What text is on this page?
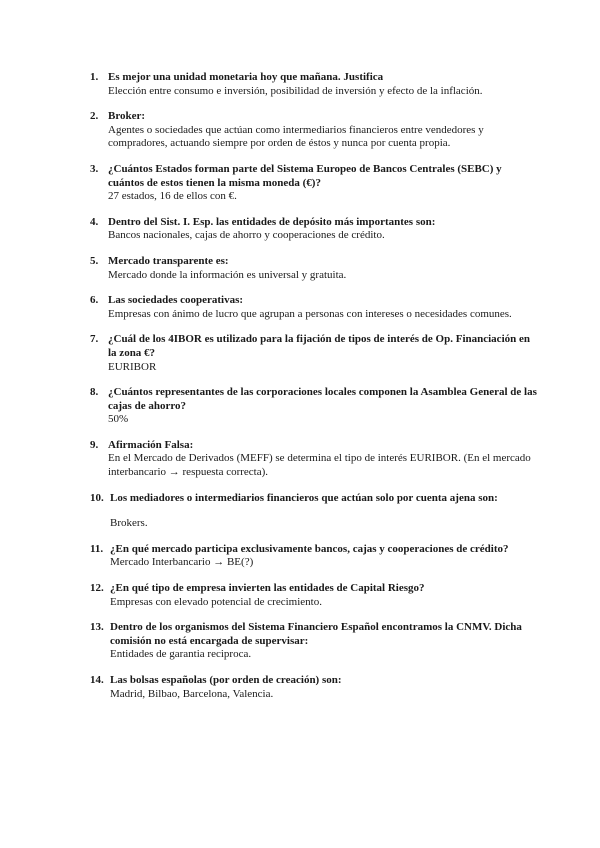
1. Es mejor una unidad monetaria hoy que mañana. Justifica
Elección entre consumo e inversión, posibilidad de inversión y efecto de la inflación.
2. Broker:
Agentes o sociedades que actúan como intermediarios financieros entre vendedores y compradores, actuando siempre por orden de éstos y nunca por cuenta propia.
3. ¿Cuántos Estados forman parte del Sistema Europeo de Bancos Centrales (SEBC) y cuántos de estos tienen la misma moneda (€)?
27 estados, 16 de ellos con €.
4. Dentro del Sist. I. Esp. las entidades de depósito más importantes son:
Bancos nacionales, cajas de ahorro y cooperaciones de crédito.
5. Mercado transparente es:
Mercado donde la información es universal y gratuita.
6. Las sociedades cooperativas:
Empresas con ánimo de lucro que agrupan a personas con intereses o necesidades comunes.
7. ¿Cuál de los 4IBOR es utilizado para la fijación de tipos de interés de Op. Financiación en la zona €?
EURIBOR
8. ¿Cuántos representantes de las corporaciones locales componen la Asamblea General de las cajas de ahorro?
50%
9. Afirmación Falsa:
En el Mercado de Derivados (MEFF) se determina el tipo de interés EURIBOR. (En el mercado interbancario → respuesta correcta).
10. Los mediadores o intermediarios financieros que actúan solo por cuenta ajena son:
Brokers.
11. ¿En qué mercado participa exclusivamente bancos, cajas y cooperaciones de crédito?
Mercado Interbancario → BE(?)
12. ¿En qué tipo de empresa invierten las entidades de Capital Riesgo?
Empresas con elevado potencial de crecimiento.
13. Dentro de los organismos del Sistema Financiero Español encontramos la CNMV. Dicha comisión no está encargada de supervisar:
Entidades de garantia reciproca.
14. Las bolsas españolas (por orden de creación) son:
Madrid, Bilbao, Barcelona, Valencia.
